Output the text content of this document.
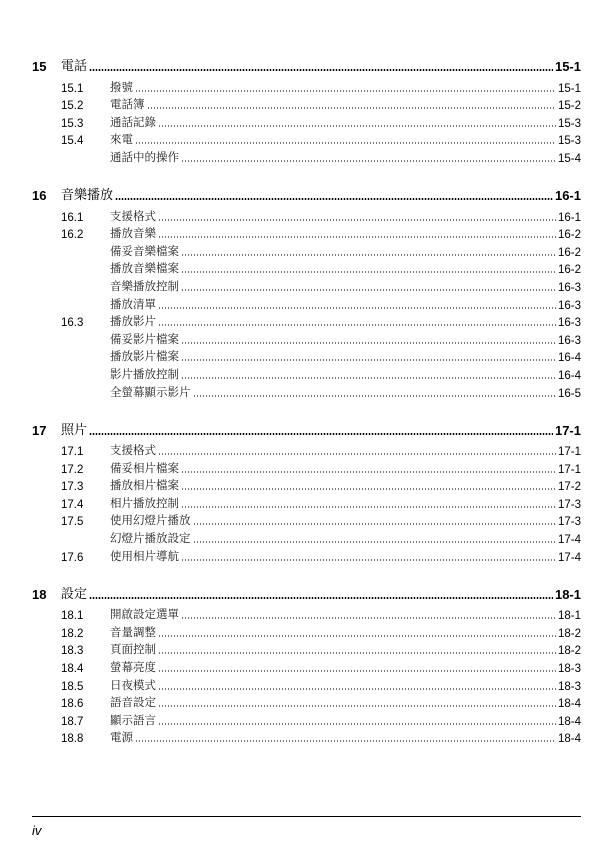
15	電話	15-1
15.1	撥號	15-1
15.2	電話簿	15-2
15.3	通話記錄	15-3
15.4	來電	15-3
通話中的操作	15-4
16	音樂播放	16-1
16.1	支援格式	16-1
16.2	播放音樂	16-2
備妥音樂檔案	16-2
播放音樂檔案	16-2
音樂播放控制	16-3
播放清單	16-3
16.3	播放影片	16-3
備妥影片檔案	16-3
播放影片檔案	16-4
影片播放控制	16-4
全螢幕顯示影片	16-5
17	照片	17-1
17.1	支援格式	17-1
17.2	備妥相片檔案	17-1
17.3	播放相片檔案	17-2
17.4	相片播放控制	17-3
17.5	使用幻燈片播放	17-3
幻燈片播放設定	17-4
17.6	使用相片導航	17-4
18	設定	18-1
18.1	開啟設定選單	18-1
18.2	音量調整	18-2
18.3	頁面控制	18-2
18.4	螢幕亮度	18-3
18.5	日夜模式	18-3
18.6	語音設定	18-4
18.7	顯示語言	18-4
18.8	電源	18-4
iv
